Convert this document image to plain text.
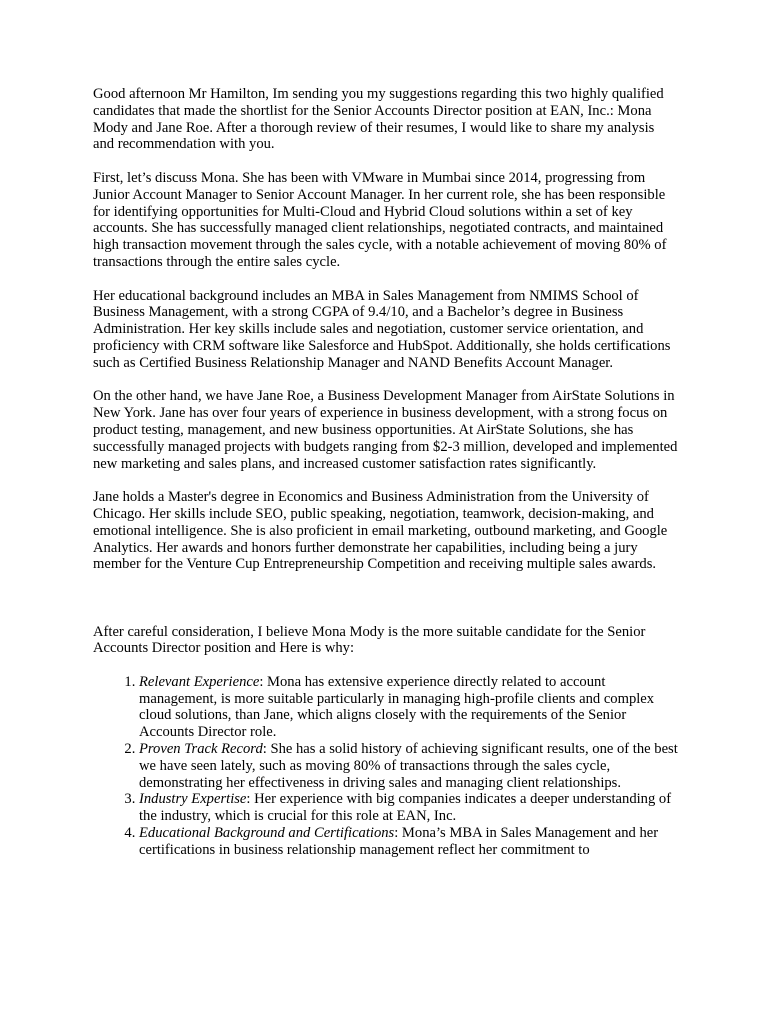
Good afternoon Mr Hamilton, Im sending you my suggestions regarding this two highly qualified candidates that made the shortlist for the Senior Accounts Director position at EAN, Inc.: Mona Mody and Jane Roe. After a thorough review of their resumes, I would like to share my analysis and recommendation with you.

First, let’s discuss Mona. She has been with VMware in Mumbai since 2014, progressing from Junior Account Manager to Senior Account Manager. In her current role, she has been responsible for identifying opportunities for Multi-Cloud and Hybrid Cloud solutions within a set of key accounts. She has successfully managed client relationships, negotiated contracts, and maintained high transaction movement through the sales cycle, with a notable achievement of moving 80% of transactions through the entire sales cycle.

Her educational background includes an MBA in Sales Management from NMIMS School of Business Management, with a strong CGPA of 9.4/10, and a Bachelor’s degree in Business Administration. Her key skills include sales and negotiation, customer service orientation, and proficiency with CRM software like Salesforce and HubSpot. Additionally, she holds certifications such as Certified Business Relationship Manager and NAND Benefits Account Manager.

On the other hand, we have Jane Roe, a Business Development Manager from AirState Solutions in New York. Jane has over four years of experience in business development, with a strong focus on product testing, management, and new business opportunities. At AirState Solutions, she has successfully managed projects with budgets ranging from $2-3 million, developed and implemented new marketing and sales plans, and increased customer satisfaction rates significantly.

Jane holds a Master's degree in Economics and Business Administration from the University of Chicago. Her skills include SEO, public speaking, negotiation, teamwork, decision-making, and emotional intelligence. She is also proficient in email marketing, outbound marketing, and Google Analytics. Her awards and honors further demonstrate her capabilities, including being a jury member for the Venture Cup Entrepreneurship Competition and receiving multiple sales awards.

After careful consideration, I believe Mona Mody is the more suitable candidate for the Senior Accounts Director position and Here is why:

1. Relevant Experience: Mona has extensive experience directly related to account management, is more suitable particularly in managing high-profile clients and complex cloud solutions, than Jane, which aligns closely with the requirements of the Senior Accounts Director role.
2. Proven Track Record: She has a solid history of achieving significant results, one of the best we have seen lately, such as moving 80% of transactions through the sales cycle, demonstrating her effectiveness in driving sales and managing client relationships.
3. Industry Expertise: Her experience with big companies indicates a deeper understanding of the industry, which is crucial for this role at EAN, Inc.
4. Educational Background and Certifications: Mona’s MBA in Sales Management and her certifications in business relationship management reflect her commitment to
